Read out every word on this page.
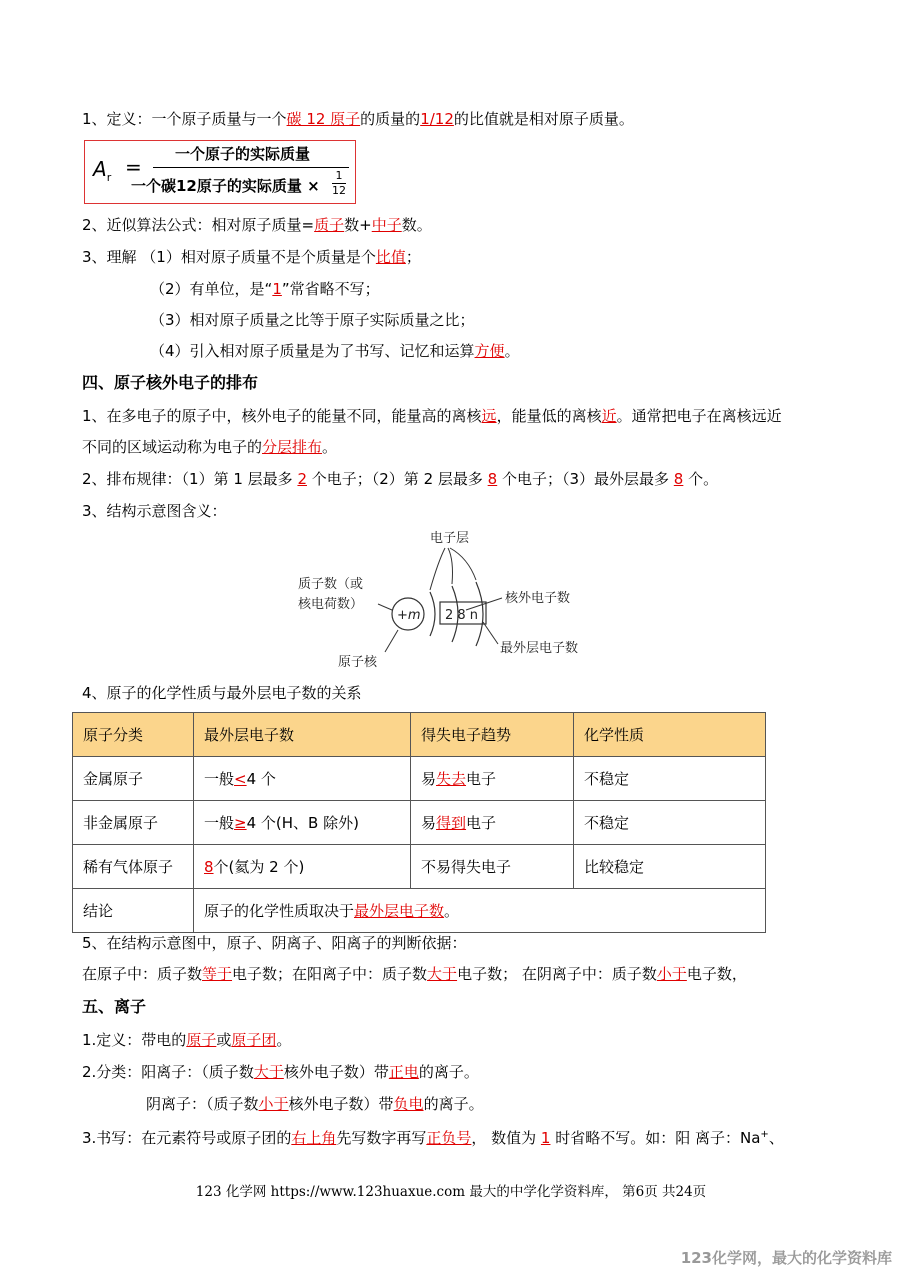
1、定义：一个原子质量与一个碳 12 原子的质量的1/12的比值就是相对原子质量。
$A_r$ =
一个原子的实际质量
一个碳12原子的实际质量 × $\frac{1}{12}$
2、近似算法公式：相对原子质量=质子数+中子数。
3、理解 （1）相对原子质量不是个质量是个比值；
（2）有单位，是“1”常省略不写；
（3）相对原子质量之比等于原子实际质量之比；
（4）引入相对原子质量是为了书写、记忆和运算方便。
四、原子核外电子的排布
1、在多电子的原子中，核外电子的能量不同，能量高的离核远，能量低的离核近。通常把电子在离核远近
不同的区域运动称为电子的分层排布。
2、排布规律：（1）第 1 层最多 2 个电子；（2）第 2 层最多 8 个电子；（3）最外层最多 8 个。
3、结构示意图含义：
电子层
质子数（或
核电荷数）
+m 2 8 n
核外电子数
最外层电子数
原子核
4、原子的化学性质与最外层电子数的关系
原子分类	最外层电子数	得失电子趋势	化学性质
金属原子	一般<4 个	易失去电子	不稳定
非金属原子	一般≥4 个(H、B 除外)	易得到电子	不稳定
稀有气体原子	8个(氦为 2 个)	不易得失电子	比较稳定
结论	原子的化学性质取决于最外层电子数。		
5、在结构示意图中，原子、阴离子、阳离子的判断依据：
在原子中：质子数等于电子数；在阳离子中：质子数大于电子数； 在阴离子中：质子数小于电子数，
五、离子
1.定义：带电的原子或原子团。
2.分类：阳离子：（质子数大于核外电子数）带正电的离子。
阴离子：（质子数小于核外电子数）带负电的离子。
3.书写：在元素符号或原子团的右上角先写数字再写正负号， 数值为 1 时省略不写。如：阳 离子：Na+、
123 化学网 https://www.123huaxue.com 最大的中学化学资料库， 第6页 共24页
123化学网，最大的化学资料库
